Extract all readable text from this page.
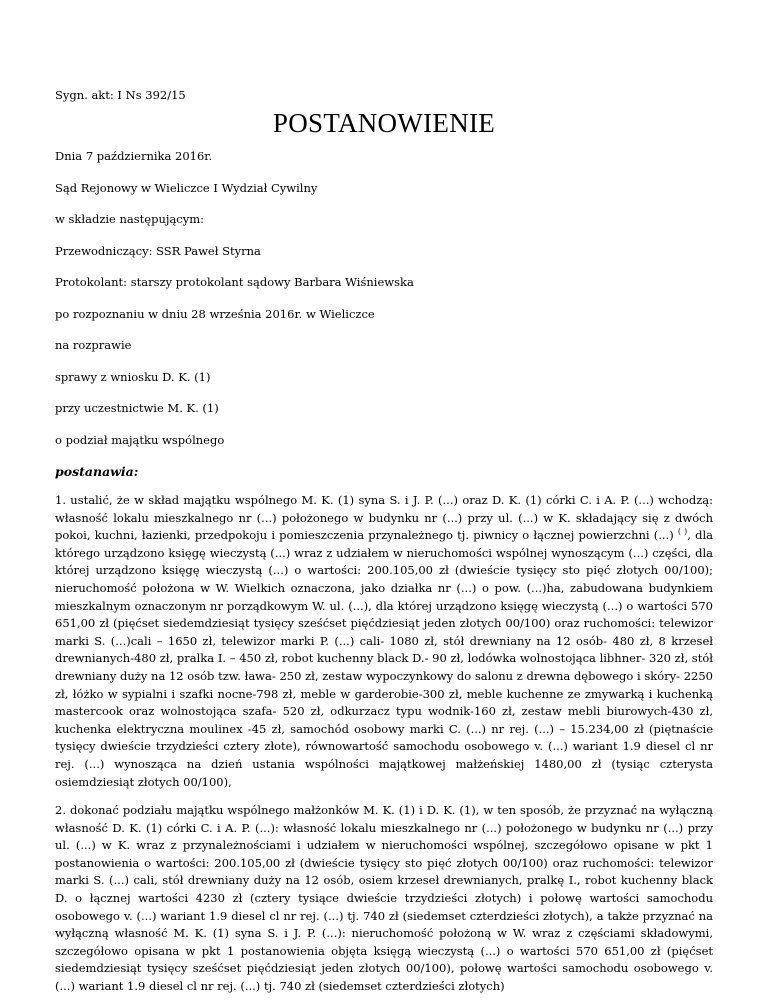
Sygn. akt: I Ns 392/15
POSTANOWIENIE
Dnia 7 października 2016r.
Sąd Rejonowy w Wieliczce I Wydział Cywilny
w składzie następującym:
Przewodniczący: SSR Paweł Styrna
Protokolant: starszy protokolant sądowy Barbara Wiśniewska
po rozpoznaniu w dniu 28 września 2016r. w Wieliczce
na rozprawie
sprawy z wniosku D. K. (1)
przy uczestnictwie M. K. (1)
o podział majątku wspólnego
postanawia:

1. ustalić, że w skład majątku wspólnego M. K. (1) syna S. i J. P. (...) oraz D. K. (1) córki C. i A. P. (...) wchodzą: własność lokalu mieszkalnego nr (...) położonego w budynku nr (...) przy ul. (...) w K. składający się z dwóch pokoi, kuchni, łazienki, przedpokoju i pomieszczenia przynależnego tj. piwnicy o łącznej powierzchni (...) ( ), dla którego urządzono księgę wieczystą (...) wraz z udziałem w nieruchomości wspólnej wynoszącym (...) części, dla której urządzono księgę wieczystą (...) o wartości: 200.105,00 zł (dwieście tysięcy sto pięć złotych 00/100); nieruchomość położona w W. Wielkich oznaczona, jako działka nr (...) o pow. (...)ha, zabudowana budynkiem mieszkalnym oznaczonym nr porządkowym W. ul. (...), dla której urządzono księgę wieczystą (...) o wartości 570 651,00 zł (pięćset siedemdziesiąt tysięcy sześćset pięćdziesiąt jeden złotych 00/100) oraz ruchomości: telewizor marki S. (...)cali – 1650 zł, telewizor marki P. (...) cali- 1080 zł, stół drewniany na 12 osób- 480 zł, 8 krzeseł drewnianych-480 zł, pralka I. – 450 zł, robot kuchenny black D.- 90 zł, lodówka wolnostojąca libhner- 320 zł, stół drewniany duży na 12 osób tzw. ława- 250 zł, zestaw wypoczynkowy do salonu z drewna dębowego i skóry- 2250 zł, łóżko w sypialni i szafki nocne-798 zł, meble w garderobie-300 zł, meble kuchenne ze zmywarką i kuchenką mastercook oraz wolnostojąca szafa- 520 zł, odkurzacz typu wodnik-160 zł, zestaw mebli biurowych-430 zł, kuchenka elektryczna moulinex -45 zł, samochód osobowy marki C. (...) nr rej. (...) – 15.234,00 zł (piętnaście tysięcy dwieście trzydzieści cztery złote), równowartość samochodu osobowego v. (...) wariant 1.9 diesel cl nr rej. (...) wynosząca na dzień ustania wspólności majątkowej małżeńskiej 1480,00 zł (tysiąc czterysta osiemdziesiąt złotych 00/100),

2. dokonać podziału majątku wspólnego małżonków M. K. (1) i D. K. (1), w ten sposób, że przyznać na wyłączną własność D. K. (1) córki C. i A. P. (...): własność lokalu mieszkalnego nr (...) położonego w budynku nr (...) przy ul. (...) w K. wraz z przynależnościami i udziałem w nieruchomości wspólnej, szczegółowo opisane w pkt 1 postanowienia o wartości: 200.105,00 zł (dwieście tysięcy sto pięć złotych 00/100) oraz ruchomości: telewizor marki S. (...) cali, stół drewniany duży na 12 osób, osiem krzeseł drewnianych, pralkę I., robot kuchenny black D. o łącznej wartości 4230 zł (cztery tysiące dwieście trzydzieści złotych) i połowę wartości samochodu osobowego v. (...) wariant 1.9 diesel cl nr rej. (...) tj. 740 zł (siedemset czterdzieści złotych), a także przyznać na wyłączną własność M. K. (1) syna S. i J. P. (...): nieruchomość położoną w W. wraz z częściami składowymi, szczegółowo opisana w pkt 1 postanowienia objęta księgą wieczystą (...) o wartości 570 651,00 zł (pięćset siedemdziesiąt tysięcy sześćset pięćdziesiąt jeden złotych 00/100), połowę wartości samochodu osobowego v. (...) wariant 1.9 diesel cl nr rej. (...) tj. 740 zł (siedemset czterdzieści złotych)
